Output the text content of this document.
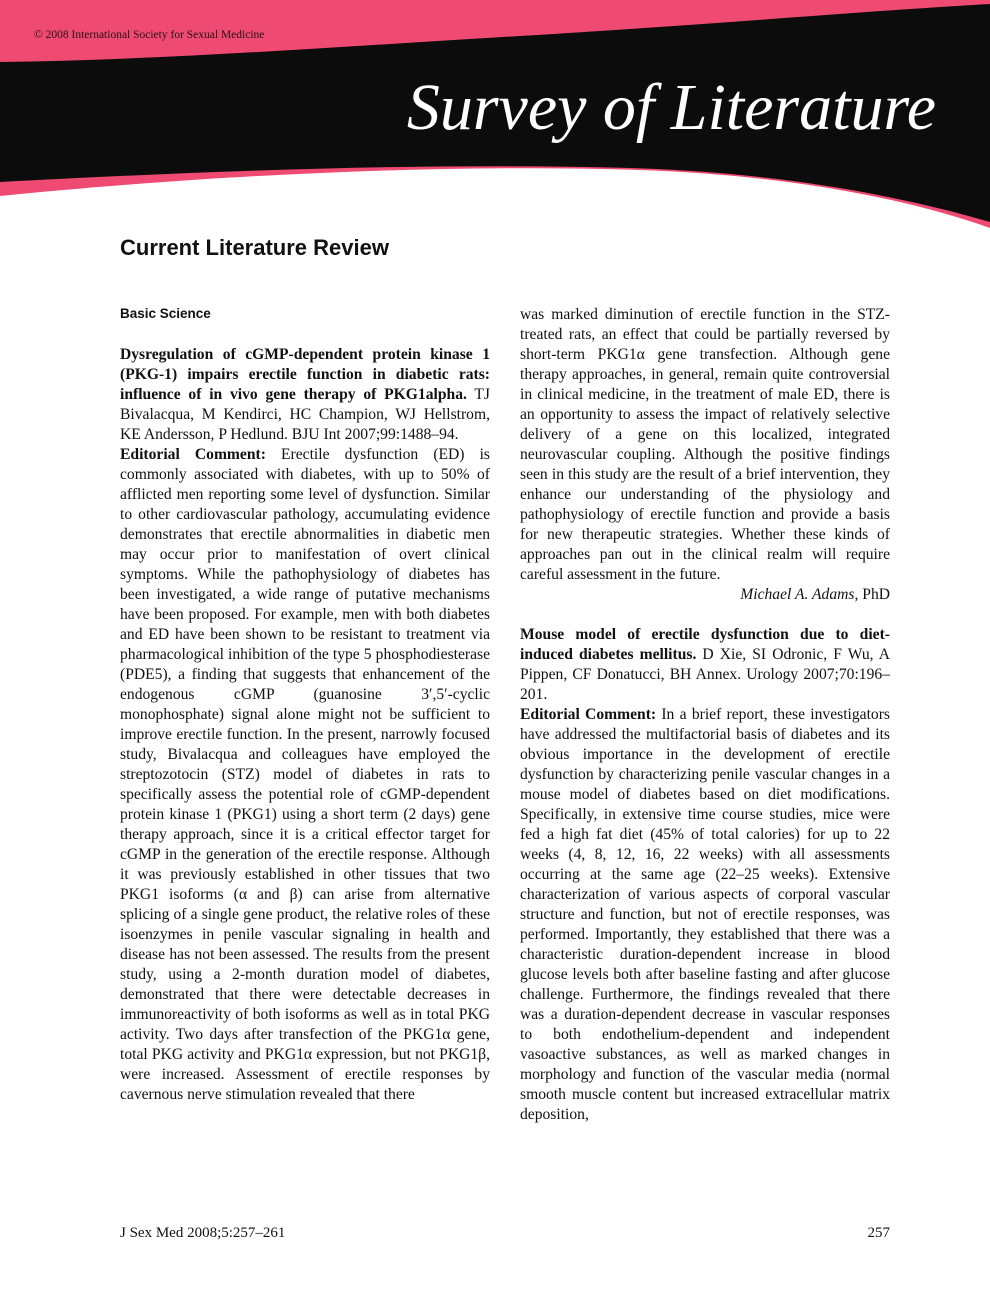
© 2008 International Society for Sexual Medicine
Survey of Literature
Current Literature Review
Basic Science

Dysregulation of cGMP-dependent protein kinase 1 (PKG-1) impairs erectile function in diabetic rats: influence of in vivo gene therapy of PKG1alpha. TJ Bivalacqua, M Kendirci, HC Champion, WJ Hellstrom, KE Andersson, P Hedlund. BJU Int 2007;99:1488–94.

Editorial Comment: Erectile dysfunction (ED) is commonly associated with diabetes, with up to 50% of afflicted men reporting some level of dysfunction. Similar to other cardiovascular pathology, accumulating evidence demonstrates that erectile abnormalities in diabetic men may occur prior to manifestation of overt clinical symptoms. While the pathophysiology of diabetes has been investigated, a wide range of putative mechanisms have been proposed. For example, men with both diabetes and ED have been shown to be resistant to treatment via pharmacological inhibition of the type 5 phosphodiesterase (PDE5), a finding that suggests that enhancement of the endogenous cGMP (guanosine 3′,5′-cyclic monophosphate) signal alone might not be sufficient to improve erectile function. In the present, narrowly focused study, Bivalacqua and colleagues have employed the streptozotocin (STZ) model of diabetes in rats to specifically assess the potential role of cGMP-dependent protein kinase 1 (PKG1) using a short term (2 days) gene therapy approach, since it is a critical effector target for cGMP in the generation of the erectile response. Although it was previously established in other tissues that two PKG1 isoforms (α and β) can arise from alternative splicing of a single gene product, the relative roles of these isoenzymes in penile vascular signaling in health and disease has not been assessed. The results from the present study, using a 2-month duration model of diabetes, demonstrated that there were detectable decreases in immunoreactivity of both isoforms as well as in total PKG activity. Two days after transfection of the PKG1α gene, total PKG activity and PKG1α expression, but not PKG1β, were increased. Assessment of erectile responses by cavernous nerve stimulation revealed that there

was marked diminution of erectile function in the STZ-treated rats, an effect that could be partially reversed by short-term PKG1α gene transfection. Although gene therapy approaches, in general, remain quite controversial in clinical medicine, in the treatment of male ED, there is an opportunity to assess the impact of relatively selective delivery of a gene on this localized, integrated neurovascular coupling. Although the positive findings seen in this study are the result of a brief intervention, they enhance our understanding of the physiology and pathophysiology of erectile function and provide a basis for new therapeutic strategies. Whether these kinds of approaches pan out in the clinical realm will require careful assessment in the future.

Michael A. Adams, PhD

Mouse model of erectile dysfunction due to diet-induced diabetes mellitus. D Xie, SI Odronic, F Wu, A Pippen, CF Donatucci, BH Annex. Urology 2007;70:196–201.

Editorial Comment: In a brief report, these investigators have addressed the multifactorial basis of diabetes and its obvious importance in the development of erectile dysfunction by characterizing penile vascular changes in a mouse model of diabetes based on diet modifications. Specifically, in extensive time course studies, mice were fed a high fat diet (45% of total calories) for up to 22 weeks (4, 8, 12, 16, 22 weeks) with all assessments occurring at the same age (22–25 weeks). Extensive characterization of various aspects of corporal vascular structure and function, but not of erectile responses, was performed. Importantly, they established that there was a characteristic duration-dependent increase in blood glucose levels both after baseline fasting and after glucose challenge. Furthermore, the findings revealed that there was a duration-dependent decrease in vascular responses to both endothelium-dependent and independent vasoactive substances, as well as marked changes in morphology and function of the vascular media (normal smooth muscle content but increased extracellular matrix deposition,

J Sex Med 2008;5:257–261	257
